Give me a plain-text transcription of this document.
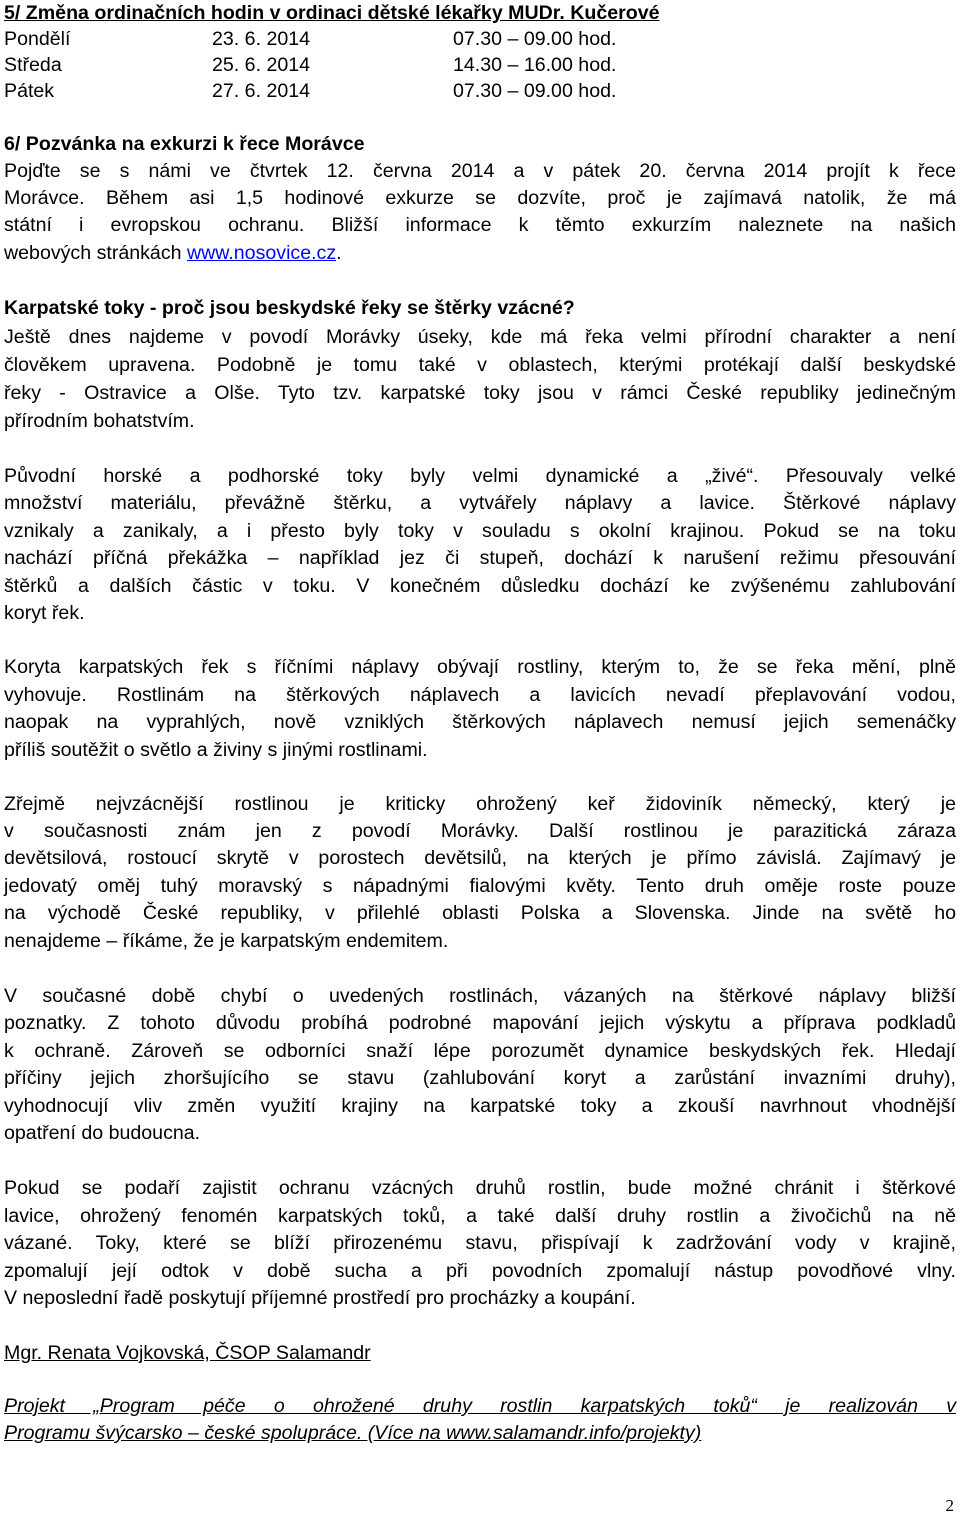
5/ Změna ordinačních hodin v ordinaci dětské lékařky MUDr. Kučerové
Pondělí	23. 6. 2014	07.30 – 09.00 hod.
Středa	25. 6. 2014	14.30 – 16.00 hod.
Pátek	27. 6. 2014	07.30 – 09.00 hod.
6/ Pozvánka na exkurzi k řece Morávce
Pojďte se s námi ve čtvrtek 12. června 2014 a v pátek 20. června 2014 projít k řece
Morávce. Během asi 1,5 hodinové exkurze se dozvíte, proč je zajímavá natolik, že má
státní i evropskou ochranu. Bližší informace k těmto exkurzím naleznete na našich
webových stránkách www.nosovice.cz.
Karpatské toky - proč jsou beskydské řeky se štěrky vzácné?
Ještě dnes najdeme v povodí Morávky úseky, kde má řeka velmi přírodní charakter a není
člověkem upravena. Podobně je tomu také v oblastech, kterými protékají další beskydské
řeky - Ostravice a Olše. Tyto tzv. karpatské toky jsou v rámci České republiky jedinečným
přírodním bohatstvím.
Původní horské a podhorské toky byly velmi dynamické a „živé“. Přesouvaly velké
množství materiálu, převážně štěrku, a vytvářely náplavy a lavice. Štěrkové náplavy
vznikaly a zanikaly, a i přesto byly toky v souladu s okolní krajinou. Pokud se na toku
nachází příčná překážka – například jez či stupeň, dochází k narušení režimu přesouvání
štěrků a dalších částic v toku. V konečném důsledku dochází ke zvýšenému zahlubování
koryt řek.
Koryta karpatských řek s říčními náplavy obývají rostliny, kterým to, že se řeka mění, plně
vyhovuje. Rostlinám na štěrkových náplavech a lavicích nevadí přeplavování vodou,
naopak na vyprahlých, nově vzniklých štěrkových náplavech nemusí jejich semenáčky
příliš soutěžit o světlo a živiny s jinými rostlinami.
Zřejmě nejvzácnější rostlinou je kriticky ohrožený keř židoviník německý, který je
v současnosti znám jen z povodí Morávky. Další rostlinou je parazitická záraza
devětsilová, rostoucí skrytě v porostech devětsilů, na kterých je přímo závislá. Zajímavý je
jedovatý oměj tuhý moravský s nápadnými fialovými květy. Tento druh oměje roste pouze
na východě České republiky, v přilehlé oblasti Polska a Slovenska. Jinde na světě ho
nenajdeme – říkáme, že je karpatským endemitem.
V současné době chybí o uvedených rostlinách, vázaných na štěrkové náplavy bližší
poznatky. Z tohoto důvodu probíhá podrobné mapování jejich výskytu a příprava podkladů
k ochraně. Zároveň se odborníci snaží lépe porozumět dynamice beskydských řek. Hledají
příčiny jejich zhoršujícího se stavu (zahlubování koryt a zarůstání invazními druhy),
vyhodnocují vliv změn využití krajiny na karpatské toky a zkouší navrhnout vhodnější
opatření do budoucna.
Pokud se podaří zajistit ochranu vzácných druhů rostlin, bude možné chránit i štěrkové
lavice, ohrožený fenomén karpatských toků, a také další druhy rostlin a živočichů na ně
vázané. Toky, které se blíží přirozenému stavu, přispívají k zadržování vody v krajině,
zpomalují její odtok v době sucha a při povodních zpomalují nástup povodňové vlny.
V neposlední řadě poskytují příjemné prostředí pro procházky a koupání.
Mgr. Renata Vojkovská, ČSOP Salamandr
Projekt „Program péče o ohrožené druhy rostlin karpatských toků“ je realizován v
Programu švýcarsko – české spolupráce. (Více na www.salamandr.info/projekty)
2
